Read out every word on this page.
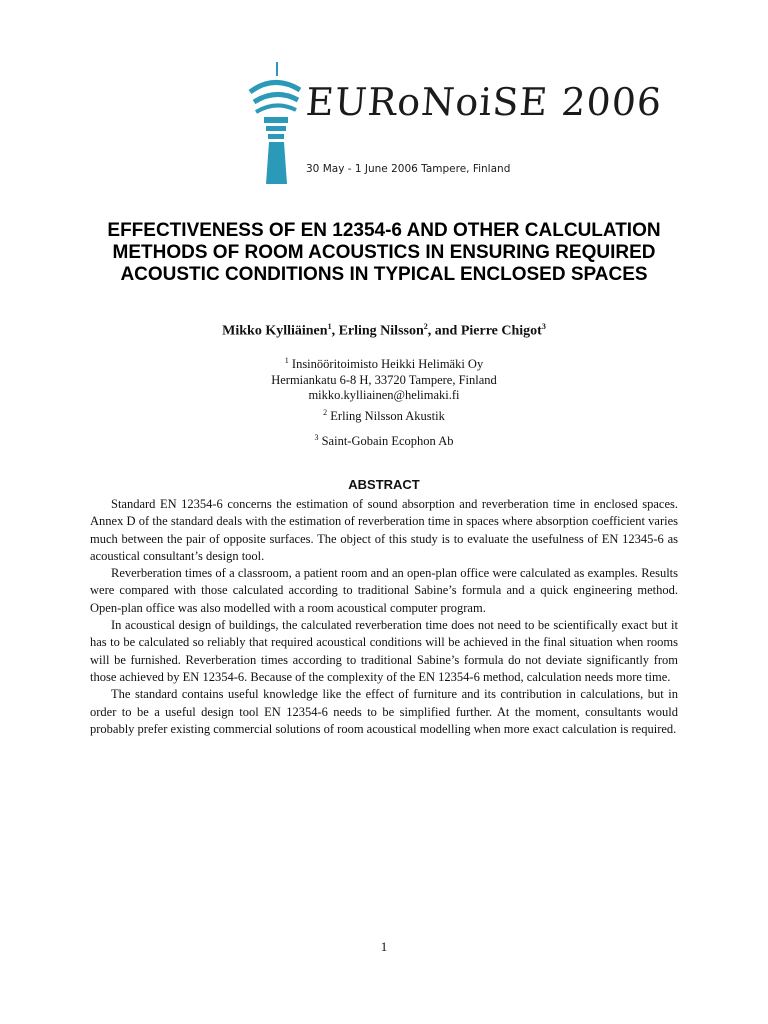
EURoNoiSE 2006
30 May - 1 June 2006 Tampere, Finland
EFFECTIVENESS OF EN 12354-6 AND OTHER CALCULATION METHODS OF ROOM ACOUSTICS IN ENSURING REQUIRED ACOUSTIC CONDITIONS IN TYPICAL ENCLOSED SPACES
Mikko Kylliäinen$^1$, Erling Nilsson$^2$, and Pierre Chigot$^3$
$^1$ Insinööritoimisto Heikki Helimäki Oy
Hermiankatu 6-8 H, 33720 Tampere, Finland
mikko.kylliainen@helimaki.fi
$^2$ Erling Nilsson Akustik
$^3$ Saint-Gobain Ecophon Ab
ABSTRACT

Standard EN 12354-6 concerns the estimation of sound absorption and reverberation time in enclosed spaces. Annex D of the standard deals with the estimation of reverberation time in spaces where absorption coefficient varies much between the pair of opposite surfaces. The object of this study is to evaluate the usefulness of EN 12345-6 as acoustical consultant’s design tool.

Reverberation times of a classroom, a patient room and an open-plan office were calculated as examples. Results were compared with those calculated according to traditional Sabine’s formula and a quick engineering method. Open-plan office was also modelled with a room acoustical computer program.

In acoustical design of buildings, the calculated reverberation time does not need to be scientifically exact but it has to be calculated so reliably that required acoustical conditions will be achieved in the final situation when rooms will be furnished. Reverberation times according to traditional Sabine’s formula do not deviate significantly from those achieved by EN 12354-6. Because of the complexity of the EN 12354-6 method, calculation needs more time.

The standard contains useful knowledge like the effect of furniture and its contribution in calculations, but in order to be a useful design tool EN 12354-6 needs to be simplified further. At the moment, consultants would probably prefer existing commercial solutions of room acoustical modelling when more exact calculation is required.

1
